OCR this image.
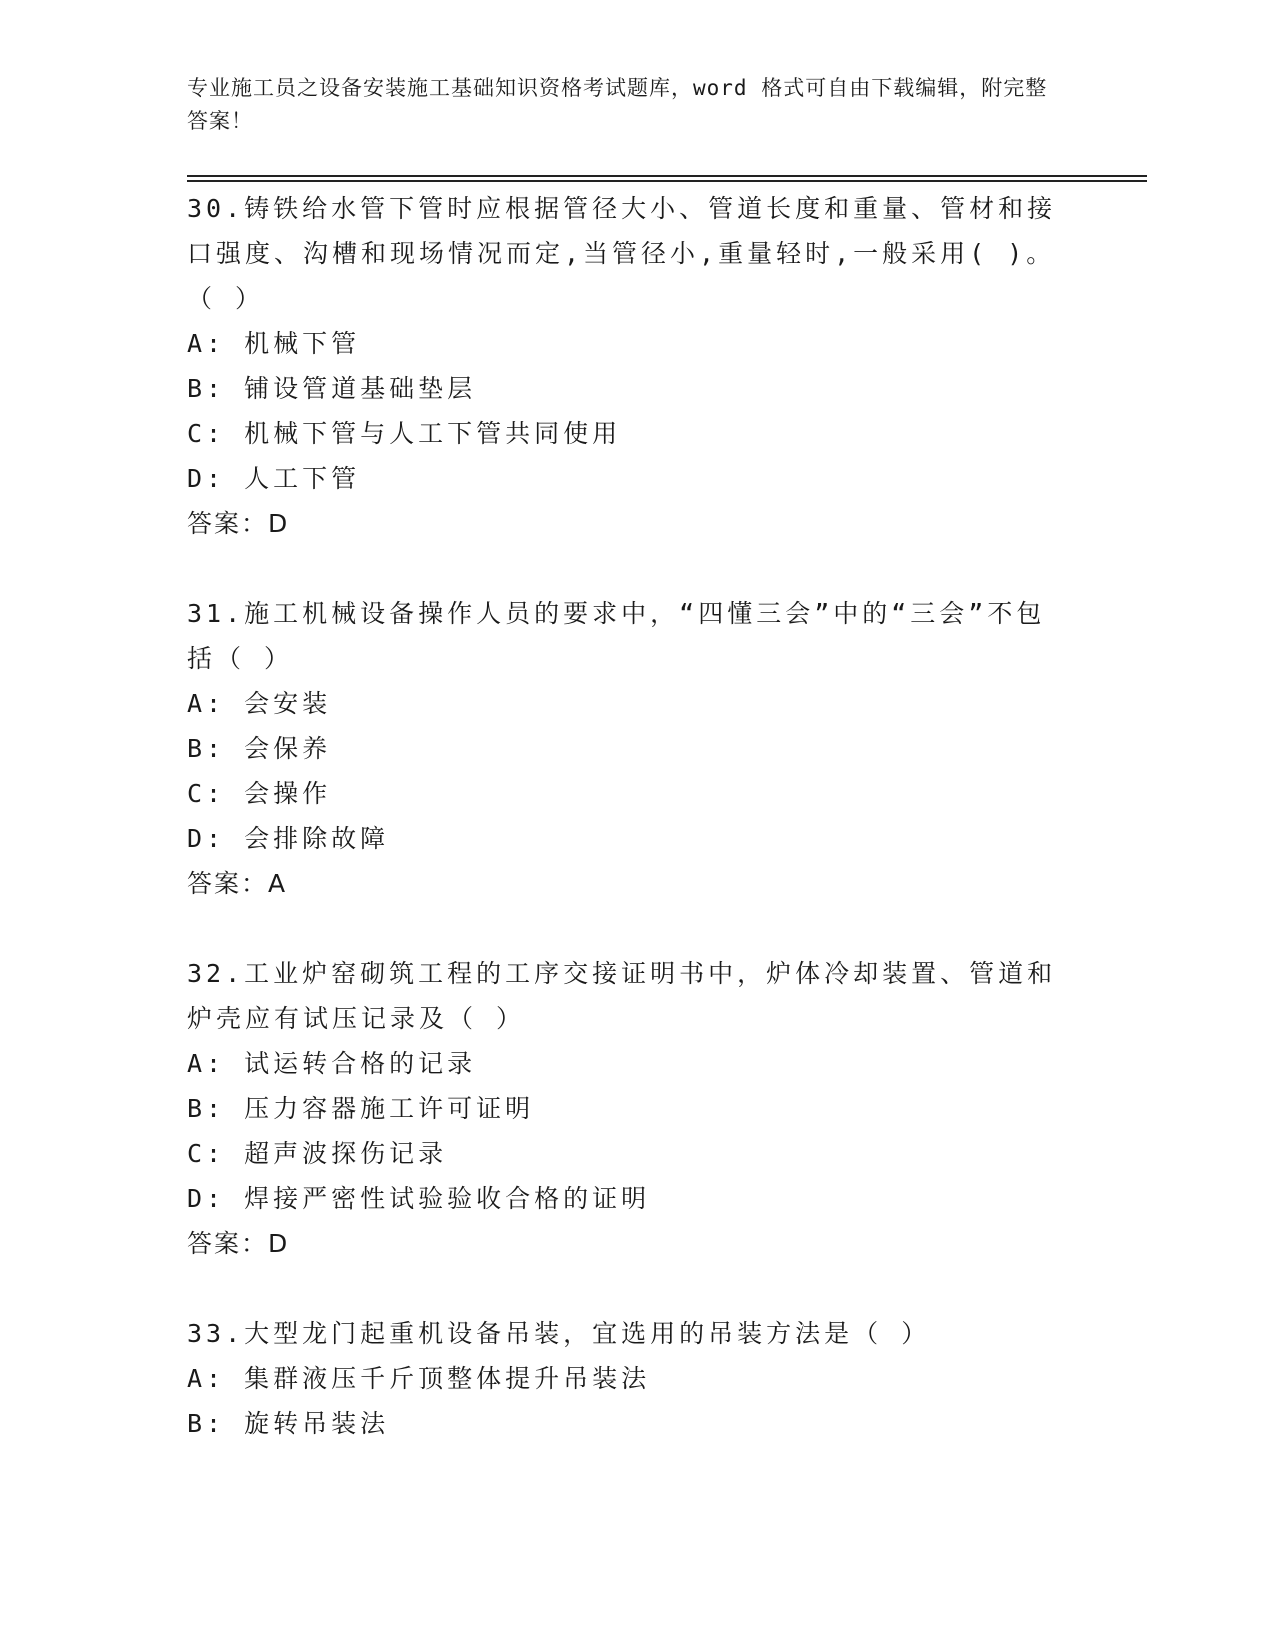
专业施工员之设备安装施工基础知识资格考试题库，word 格式可自由下载编辑，附完整答案！
30.铸铁给水管下管时应根据管径大小、管道长度和重量、管材和接口强度、沟槽和现场情况而定,当管径小,重量轻时,一般采用( )。（ ）
A: 机械下管
B: 铺设管道基础垫层
C: 机械下管与人工下管共同使用
D: 人工下管
答案：D
31.施工机械设备操作人员的要求中，“四懂三会”中的“三会”不包括（ ）
A: 会安装
B: 会保养
C: 会操作
D: 会排除故障
答案：A
32.工业炉窑砌筑工程的工序交接证明书中，炉体冷却装置、管道和炉壳应有试压记录及（ ）
A: 试运转合格的记录
B: 压力容器施工许可证明
C: 超声波探伤记录
D: 焊接严密性试验验收合格的证明
答案：D
33.大型龙门起重机设备吊装，宜选用的吊装方法是（ ）
A: 集群液压千斤顶整体提升吊装法
B: 旋转吊装法
